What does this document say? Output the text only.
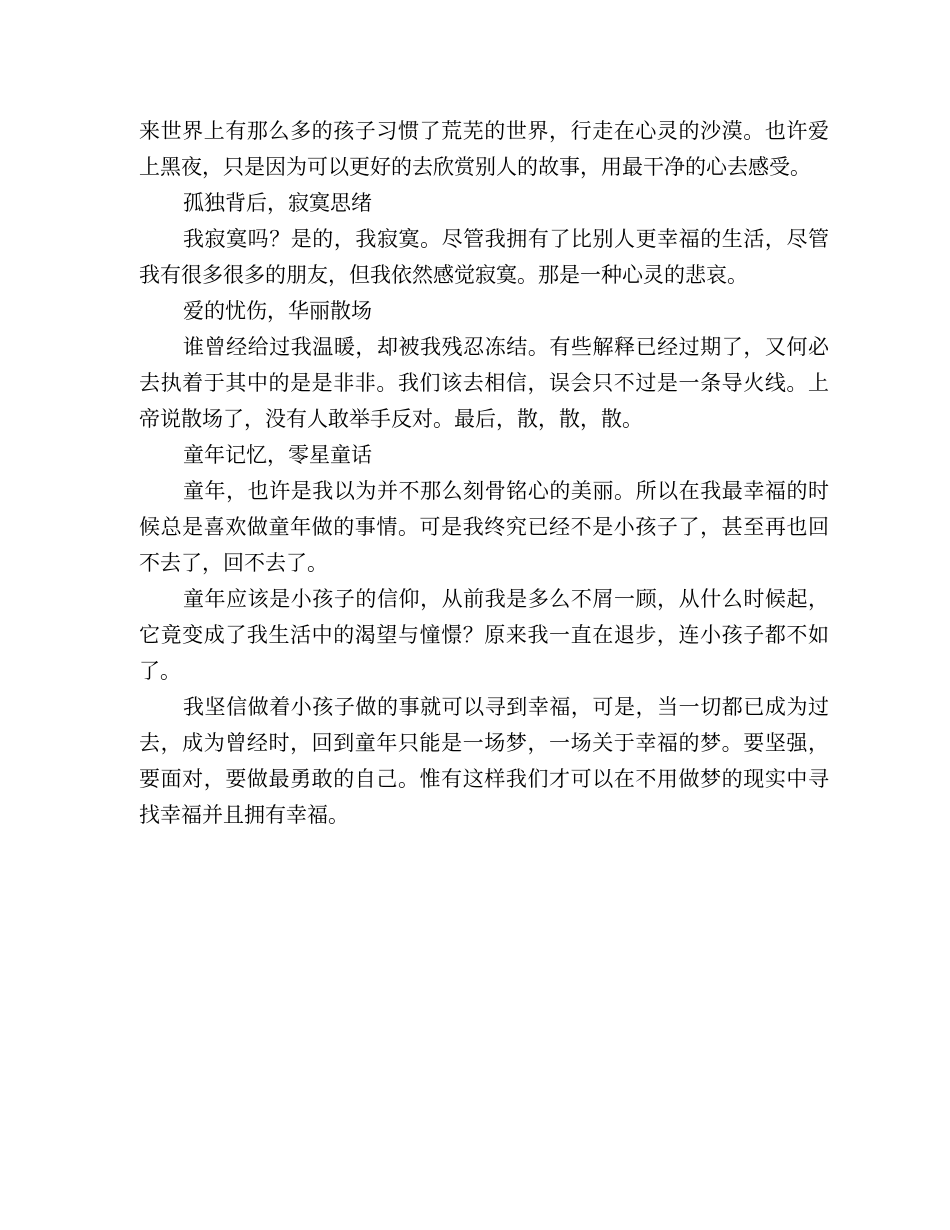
来世界上有那么多的孩子习惯了荒芜的世界，行走在心灵的沙漠。也许爱上黑夜，只是因为可以更好的去欣赏别人的故事，用最干净的心去感受。

孤独背后，寂寞思绪

我寂寞吗？是的，我寂寞。尽管我拥有了比别人更幸福的生活，尽管我有很多很多的朋友，但我依然感觉寂寞。那是一种心灵的悲哀。

爱的忧伤，华丽散场

谁曾经给过我温暖，却被我残忍冻结。有些解释已经过期了，又何必去执着于其中的是是非非。我们该去相信，误会只不过是一条导火线。上帝说散场了，没有人敢举手反对。最后，散，散，散。

童年记忆，零星童话

童年，也许是我以为并不那么刻骨铭心的美丽。所以在我最幸福的时候总是喜欢做童年做的事情。可是我终究已经不是小孩子了，甚至再也回不去了，回不去了。

童年应该是小孩子的信仰，从前我是多么不屑一顾，从什么时候起，它竟变成了我生活中的渴望与憧憬？原来我一直在退步，连小孩子都不如了。

我坚信做着小孩子做的事就可以寻到幸福，可是，当一切都已成为过去，成为曾经时，回到童年只能是一场梦，一场关于幸福的梦。要坚强，要面对，要做最勇敢的自己。惟有这样我们才可以在不用做梦的现实中寻找幸福并且拥有幸福。
